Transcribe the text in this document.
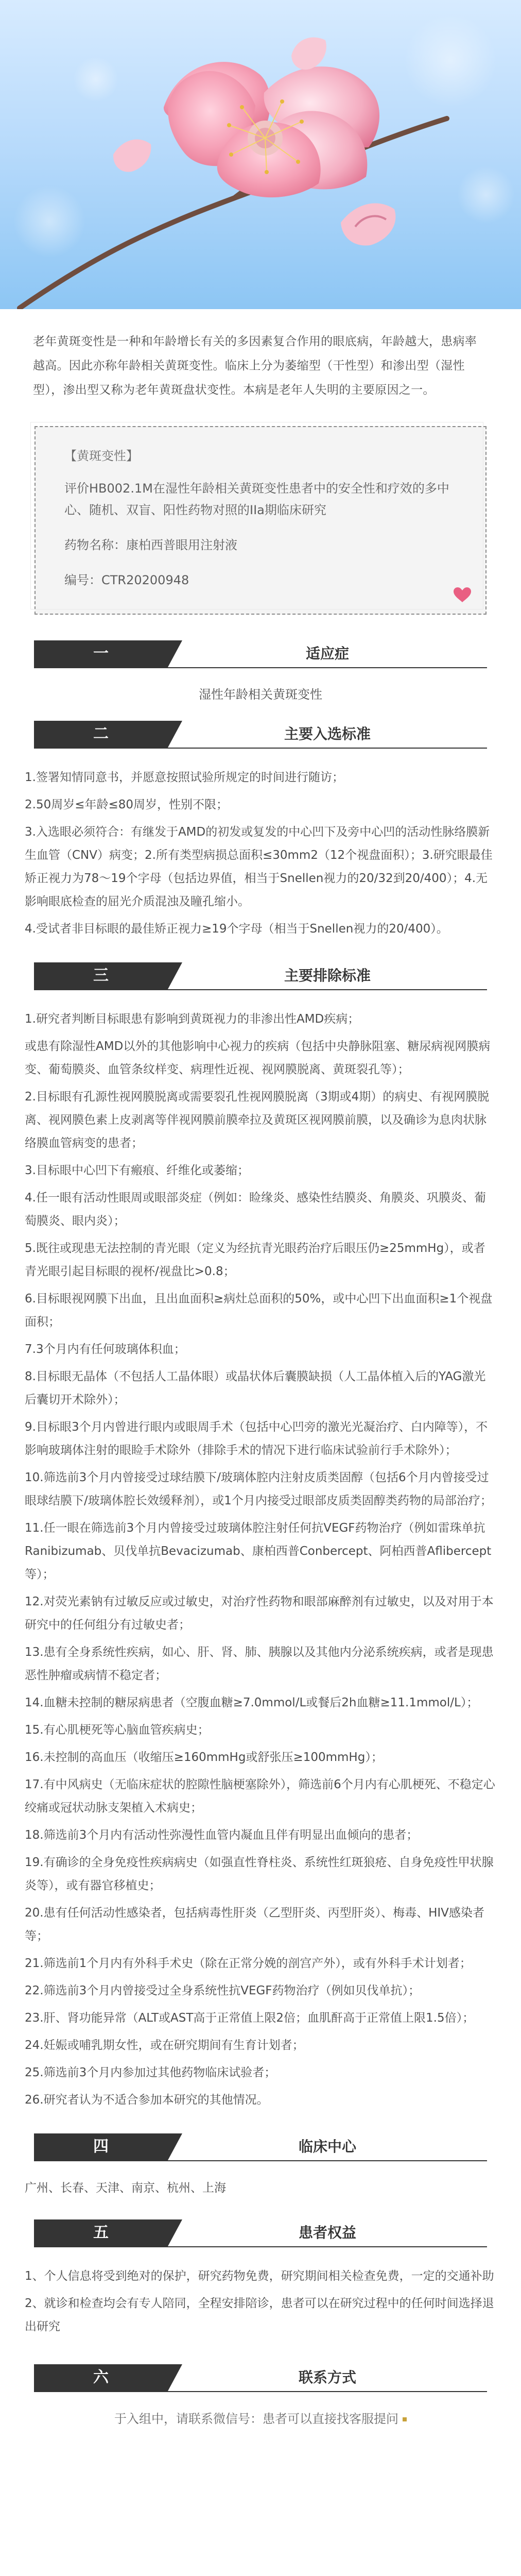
老年黄斑变性是一种和年龄增长有关的多因素复合作用的眼底病，年龄越大，患病率越高。因此亦称年龄相关黄斑变性。临床上分为萎缩型（干性型）和渗出型（湿性型），渗出型又称为老年黄斑盘状变性。本病是老年人失明的主要原因之一。

【黄斑变性】
评价HB002.1M在湿性年龄相关黄斑变性患者中的安全性和疗效的多中心、随机、双盲、阳性药物对照的IIa期临床研究
药物名称：康柏西普眼用注射液
编号：CTR20200948
一	适应症
湿性年龄相关黄斑变性
二	主要入选标准

1.签署知情同意书，并愿意按照试验所规定的时间进行随访；

2.50周岁≤年龄≤80周岁，性别不限；

3.入选眼必须符合：有继发于AMD的初发或复发的中心凹下及旁中心凹的活动性脉络膜新生血管（CNV）病变；2.所有类型病损总面积≤30mm2（12个视盘面积）；3.研究眼最佳矫正视力为78～19个字母（包括边界值，相当于Snellen视力的20/32到20/400）；4.无影响眼底检查的屈光介质混浊及瞳孔缩小。

4.受试者非目标眼的最佳矫正视力≥19个字母（相当于Snellen视力的20/400）。

三	主要排除标准

1.研究者判断目标眼患有影响到黄斑视力的非渗出性AMD疾病；

或患有除湿性AMD以外的其他影响中心视力的疾病（包括中央静脉阻塞、糖尿病视网膜病变、葡萄膜炎、血管条纹样变、病理性近视、视网膜脱离、黄斑裂孔等）；

2.目标眼有孔源性视网膜脱离或需要裂孔性视网膜脱离（3期或4期）的病史、有视网膜脱离、视网膜色素上皮剥离等伴视网膜前膜牵拉及黄斑区视网膜前膜，以及确诊为息肉状脉络膜血管病变的患者；

3.目标眼中心凹下有瘢痕、纤维化或萎缩；

4.任一眼有活动性眼周或眼部炎症（例如：睑缘炎、感染性结膜炎、角膜炎、巩膜炎、葡萄膜炎、眼内炎）；

5.既往或现患无法控制的青光眼（定义为经抗青光眼药治疗后眼压仍≥25mmHg），或者青光眼引起目标眼的视杯/视盘比>0.8；

6.目标眼视网膜下出血，且出血面积≥病灶总面积的50%，或中心凹下出血面积≥1个视盘面积；

7.3个月内有任何玻璃体积血；

8.目标眼无晶体（不包括人工晶体眼）或晶状体后囊膜缺损（人工晶体植入后的YAG激光后囊切开术除外）；

9.目标眼3个月内曾进行眼内或眼周手术（包括中心凹旁的激光光凝治疗、白内障等），不影响玻璃体注射的眼睑手术除外（排除手术的情况下进行临床试验前行手术除外）；

10.筛选前3个月内曾接受过球结膜下/玻璃体腔内注射皮质类固醇（包括6个月内曾接受过眼球结膜下/玻璃体腔长效缓释剂），或1个月内接受过眼部皮质类固醇类药物的局部治疗；

11.任一眼在筛选前3个月内曾接受过玻璃体腔注射任何抗VEGF药物治疗（例如雷珠单抗Ranibizumab、贝伐单抗Bevacizumab、康柏西普Conbercept、阿柏西普Aflibercept等）；

12.对荧光素钠有过敏反应或过敏史，对治疗性药物和眼部麻醉剂有过敏史，以及对用于本研究中的任何组分有过敏史者；

13.患有全身系统性疾病，如心、肝、肾、肺、胰腺以及其他内分泌系统疾病，或者是现患恶性肿瘤或病情不稳定者；

14.血糖未控制的糖尿病患者（空腹血糖≥7.0mmol/L或餐后2h血糖≥11.1mmol/L）；

15.有心肌梗死等心脑血管疾病史；

16.未控制的高血压（收缩压≥160mmHg或舒张压≥100mmHg）；

17.有中风病史（无临床症状的腔隙性脑梗塞除外），筛选前6个月内有心肌梗死、不稳定心绞痛或冠状动脉支架植入术病史；

18.筛选前3个月内有活动性弥漫性血管内凝血且伴有明显出血倾向的患者；

19.有确诊的全身免疫性疾病病史（如强直性脊柱炎、系统性红斑狼疮、自身免疫性甲状腺炎等），或有器官移植史；

20.患有任何活动性感染者，包括病毒性肝炎（乙型肝炎、丙型肝炎）、梅毒、HIV感染者等；

21.筛选前1个月内有外科手术史（除在正常分娩的剖宫产外），或有外科手术计划者；

22.筛选前3个月内曾接受过全身系统性抗VEGF药物治疗（例如贝伐单抗）；

23.肝、肾功能异常（ALT或AST高于正常值上限2倍；血肌酐高于正常值上限1.5倍）；

24.妊娠或哺乳期女性，或在研究期间有生育计划者；

25.筛选前3个月内参加过其他药物临床试验者；

26.研究者认为不适合参加本研究的其他情况。

四	临床中心

广州、长春、天津、南京、杭州、上海

五	患者权益

1、个人信息将受到绝对的保护，研究药物免费，研究期间相关检查免费，一定的交通补助

2、就诊和检查均会有专人陪同，全程安排陪诊，患者可以在研究过程中的任何时间选择退出研究

六	联系方式
于入组中，请联系微信号：患者可以直接找客服提问
